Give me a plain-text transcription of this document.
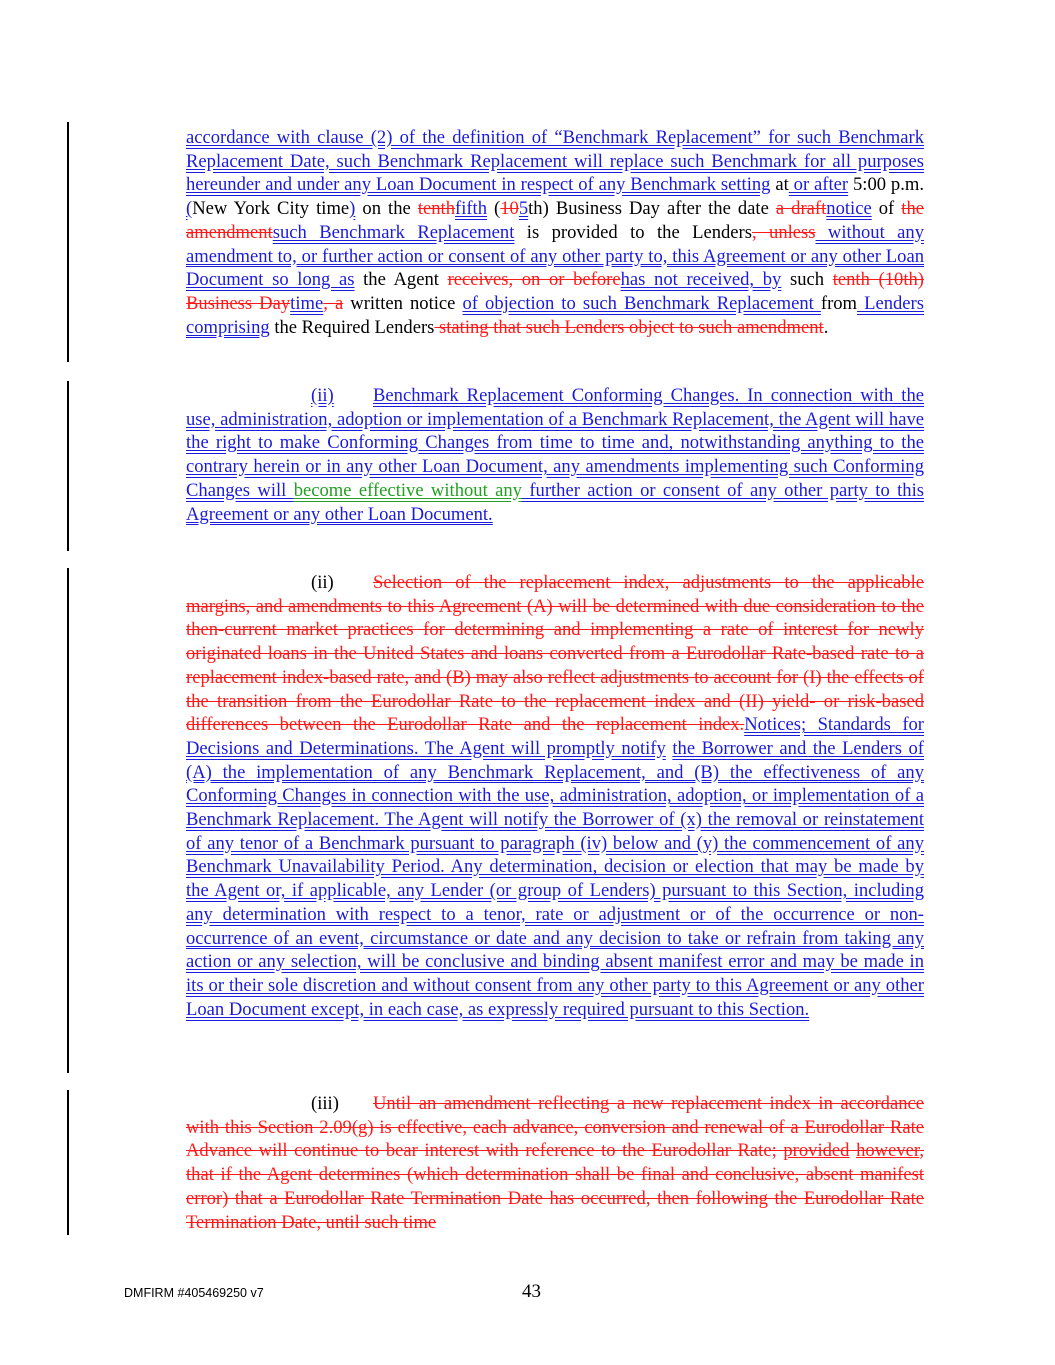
accordance with clause (2) of the definition of “Benchmark Replacement” for such Benchmark Replacement Date, such Benchmark Replacement will replace such Benchmark for all purposes hereunder and under any Loan Document in respect of any Benchmark setting at or after 5:00 p.m. (New York City time) on the tenthfifth (105th) Business Day after the date a draftnotice of the amendmentsuch Benchmark Replacement is provided to the Lenders, unless without any amendment to, or further action or consent of any other party to, this Agreement or any other Loan Document so long as the Agent receives, on or beforehas not received, by such tenth (10th) Business Daytime, a written notice of objection to such Benchmark Replacement from Lenders comprising the Required Lenders stating that such Lenders object to such amendment.
(ii) Benchmark Replacement Conforming Changes. In connection with the use, administration, adoption or implementation of a Benchmark Replacement, the Agent will have the right to make Conforming Changes from time to time and, notwithstanding anything to the contrary herein or in any other Loan Document, any amendments implementing such Conforming Changes will become effective without any further action or consent of any other party to this Agreement or any other Loan Document.
(ii) Selection of the replacement index, adjustments to the applicable margins, and amendments to this Agreement (A) will be determined with due consideration to the then-current market practices for determining and implementing a rate of interest for newly originated loans in the United States and loans converted from a Eurodollar Rate-based rate to a replacement index-based rate, and (B) may also reflect adjustments to account for (I) the effects of the transition from the Eurodollar Rate to the replacement index and (II) yield- or risk-based differences between the Eurodollar Rate and the replacement index.Notices; Standards for Decisions and Determinations. The Agent will promptly notify the Borrower and the Lenders of (A) the implementation of any Benchmark Replacement, and (B) the effectiveness of any Conforming Changes in connection with the use, administration, adoption, or implementation of a Benchmark Replacement. The Agent will notify the Borrower of (x) the removal or reinstatement of any tenor of a Benchmark pursuant to paragraph (iv) below and (y) the commencement of any Benchmark Unavailability Period. Any determination, decision or election that may be made by the Agent or, if applicable, any Lender (or group of Lenders) pursuant to this Section, including any determination with respect to a tenor, rate or adjustment or of the occurrence or non-occurrence of an event, circumstance or date and any decision to take or refrain from taking any action or any selection, will be conclusive and binding absent manifest error and may be made in its or their sole discretion and without consent from any other party to this Agreement or any other Loan Document except, in each case, as expressly required pursuant to this Section.
(iii) Until an amendment reflecting a new replacement index in accordance with this Section 2.09(g) is effective, each advance, conversion and renewal of a Eurodollar Rate Advance will continue to bear interest with reference to the Eurodollar Rate; provided however, that if the Agent determines (which determination shall be final and conclusive, absent manifest error) that a Eurodollar Rate Termination Date has occurred, then following the Eurodollar Rate Termination Date, until such time
DMFIRM #405469250 v7	43
